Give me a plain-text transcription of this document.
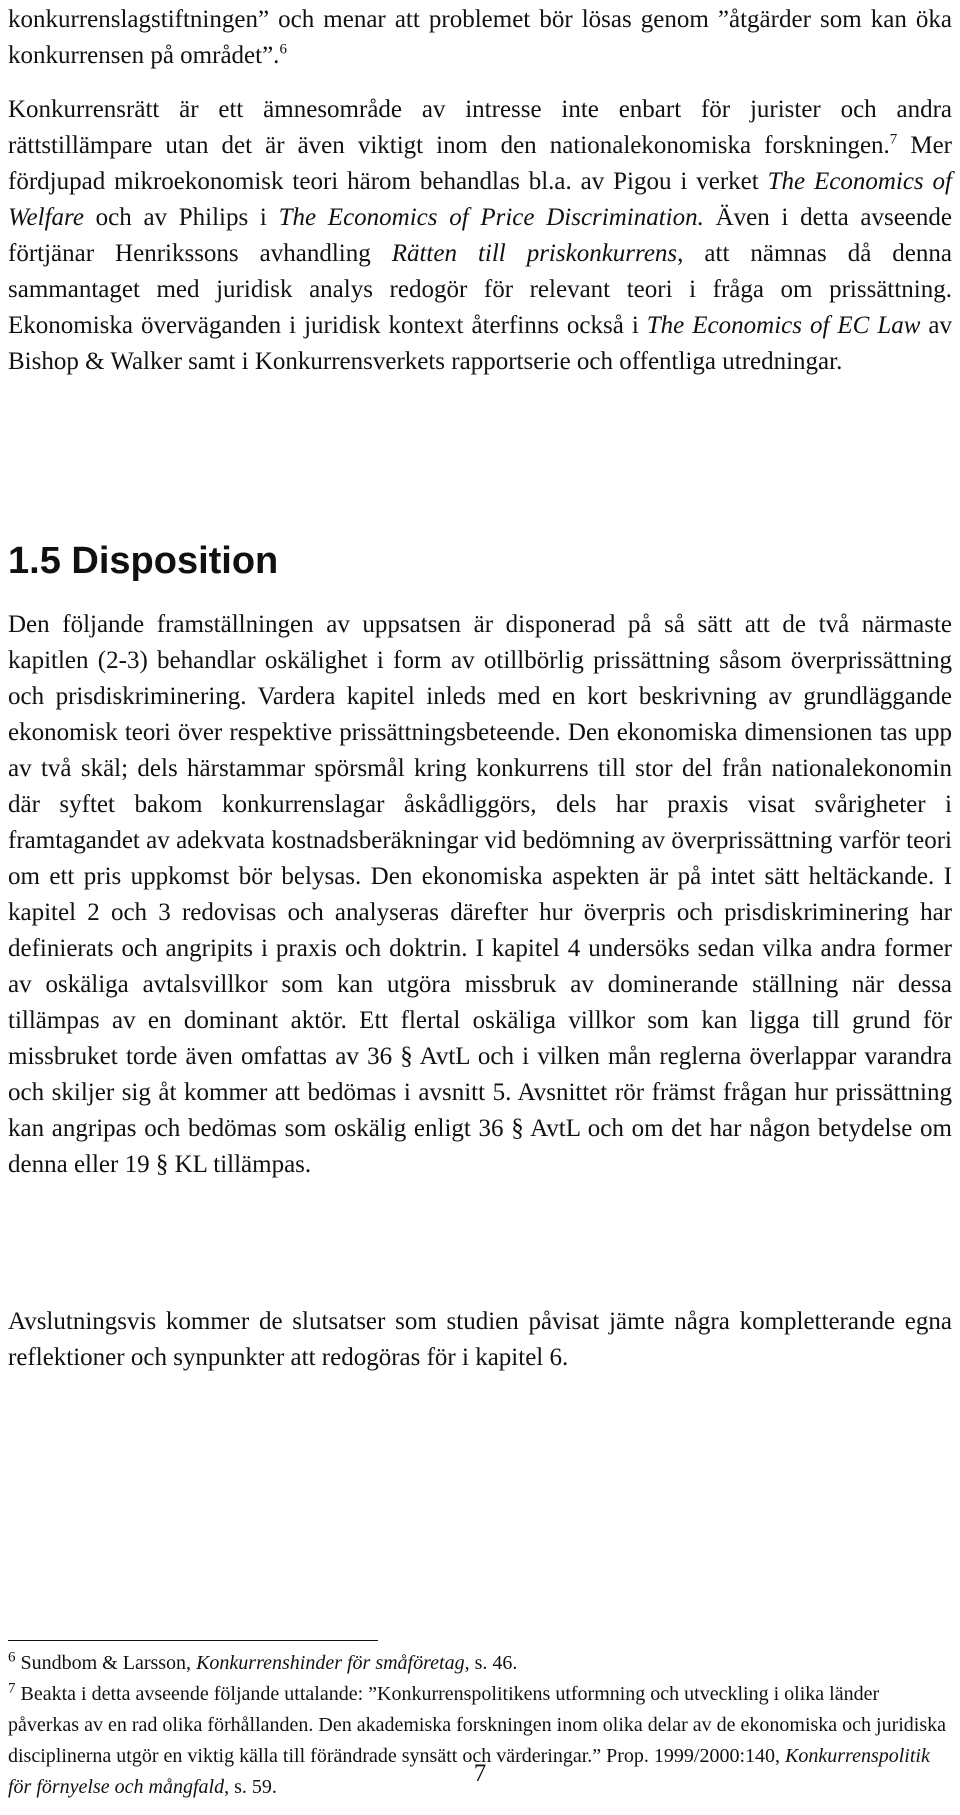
konkurrenslagstiftningen” och menar att problemet bör lösas genom ”åtgärder som kan öka konkurrensen på området”.$^6$
Konkurrensrätt är ett ämnesområde av intresse inte enbart för jurister och andra rättstillämpare utan det är även viktigt inom den nationalekonomiska forskningen.$^7$ Mer fördjupad mikroekonomisk teori härom behandlas bl.a. av Pigou i verket The Economics of Welfare och av Philips i The Economics of Price Discrimination. Även i detta avseende förtjänar Henrikssons avhandling Rätten till priskonkurrens, att nämnas då denna sammantaget med juridisk analys redogör för relevant teori i fråga om prissättning. Ekonomiska överväganden i juridisk kontext återfinns också i The Economics of EC Law av Bishop & Walker samt i Konkurrensverkets rapportserie och offentliga utredningar.
1.5 Disposition
Den följande framställningen av uppsatsen är disponerad på så sätt att de två närmaste kapitlen (2-3) behandlar oskälighet i form av otillbörlig prissättning såsom överprissättning och prisdiskriminering. Vardera kapitel inleds med en kort beskrivning av grundläggande ekonomisk teori över respektive prissättningsbeteende. Den ekonomiska dimensionen tas upp av två skäl; dels härstammar spörsmål kring konkurrens till stor del från nationalekonomin där syftet bakom konkurrenslagar åskådliggörs, dels har praxis visat svårigheter i framtagandet av adekvata kostnadsberäkningar vid bedömning av överprissättning varför teori om ett pris uppkomst bör belysas. Den ekonomiska aspekten är på intet sätt heltäckande. I kapitel 2 och 3 redovisas och analyseras därefter hur överpris och prisdiskriminering har definierats och angripits i praxis och doktrin. I kapitel 4 undersöks sedan vilka andra former av oskäliga avtalsvillkor som kan utgöra missbruk av dominerande ställning när dessa tillämpas av en dominant aktör. Ett flertal oskäliga villkor som kan ligga till grund för missbruket torde även omfattas av 36 § AvtL och i vilken mån reglerna överlappar varandra och skiljer sig åt kommer att bedömas i avsnitt 5. Avsnittet rör främst frågan hur prissättning kan angripas och bedömas som oskälig enligt 36 § AvtL och om det har någon betydelse om denna eller 19 § KL tillämpas.
Avslutningsvis kommer de slutsatser som studien påvisat jämte några kompletterande egna reflektioner och synpunkter att redogöras för i kapitel 6.
$^6$ Sundbom & Larsson, Konkurrenshinder för småföretag, s. 46.
$^7$ Beakta i detta avseende följande uttalande: ”Konkurrenspolitikens utformning och utveckling i olika länder påverkas av en rad olika förhållanden. Den akademiska forskningen inom olika delar av de ekonomiska och juridiska disciplinerna utgör en viktig källa till förändrade synsätt och värderingar.” Prop. 1999/2000:140, Konkurrenspolitik för förnyelse och mångfald, s. 59.	7
